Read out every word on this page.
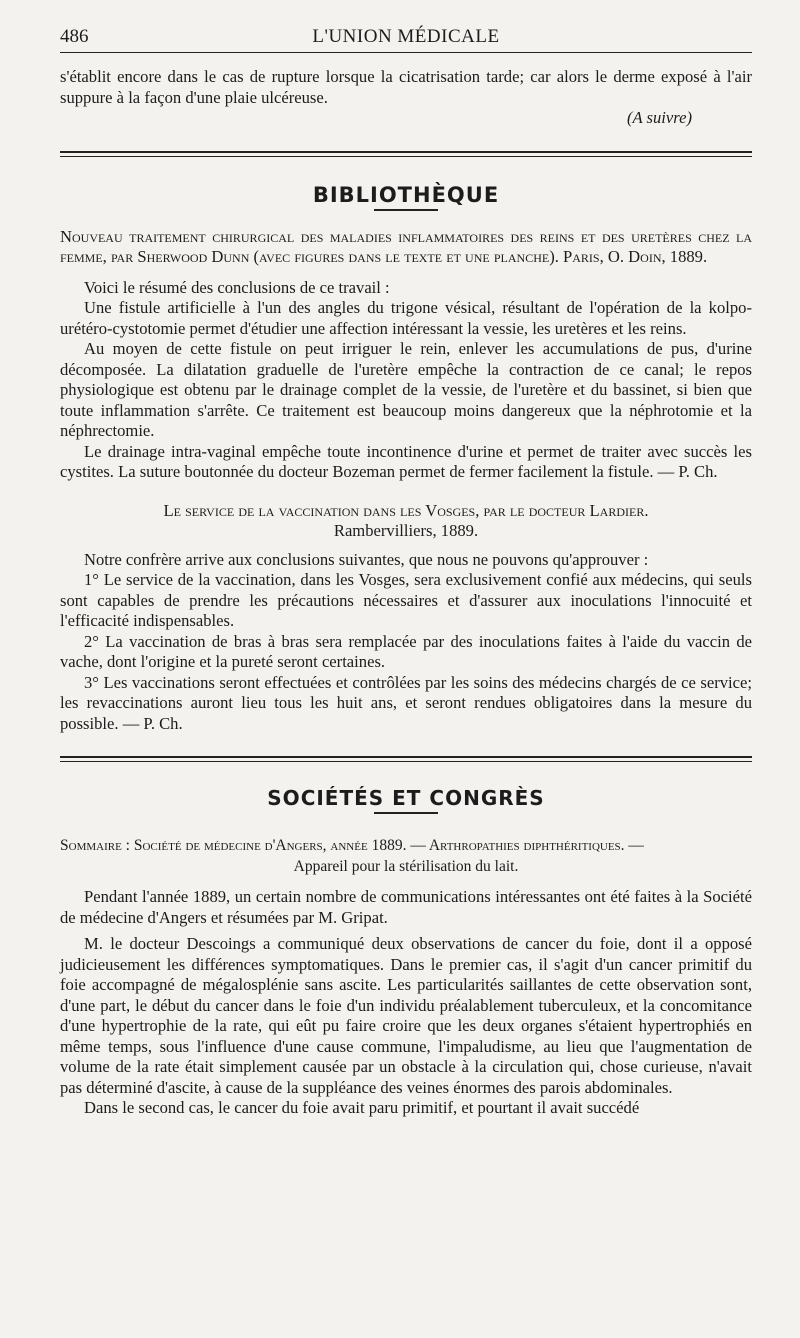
486	L'UNION MÉDICALE

s'établit encore dans le cas de rupture lorsque la cicatrisation tarde; car alors le derme exposé à l'air suppure à la façon d'une plaie ulcéreuse.

(A suivre)

BIBLIOTHÈQUE

Nouveau traitement chirurgical des maladies inflammatoires des reins et des uretères chez la femme, par Sherwood Dunn (avec figures dans le texte et une planche). Paris, O. Doin, 1889.

Voici le résumé des conclusions de ce travail :

Une fistule artificielle à l'un des angles du trigone vésical, résultant de l'opération de la kolpo-urétéro-cystotomie permet d'étudier une affection intéressant la vessie, les uretères et les reins.

Au moyen de cette fistule on peut irriguer le rein, enlever les accumulations de pus, d'urine décomposée. La dilatation graduelle de l'uretère empêche la contraction de ce canal; le repos physiologique est obtenu par le drainage complet de la vessie, de l'uretère et du bassinet, si bien que toute inflammation s'arrête. Ce traitement est beaucoup moins dangereux que la néphrotomie et la néphrectomie.

Le drainage intra-vaginal empêche toute incontinence d'urine et permet de traiter avec succès les cystites. La suture boutonnée du docteur Bozeman permet de fermer facilement la fistule. — P. Ch.

Le service de la vaccination dans les Vosges, par le docteur Lardier.

Rambervilliers, 1889.

Notre confrère arrive aux conclusions suivantes, que nous ne pouvons qu'approuver :

1° Le service de la vaccination, dans les Vosges, sera exclusivement confié aux médecins, qui seuls sont capables de prendre les précautions nécessaires et d'assurer aux inoculations l'innocuité et l'efficacité indispensables.

2° La vaccination de bras à bras sera remplacée par des inoculations faites à l'aide du vaccin de vache, dont l'origine et la pureté seront certaines.

3° Les vaccinations seront effectuées et contrôlées par les soins des médecins chargés de ce service; les revaccinations auront lieu tous les huit ans, et seront rendues obligatoires dans la mesure du possible. — P. Ch.

SOCIÉTÉS ET CONGRÈS

Sommaire : Société de médecine d'Angers, année 1889. — Arthropathies diphthéritiques. —

Appareil pour la stérilisation du lait.

Pendant l'année 1889, un certain nombre de communications intéressantes ont été faites à la Société de médecine d'Angers et résumées par M. Gripat.

M. le docteur Descoings a communiqué deux observations de cancer du foie, dont il a opposé judicieusement les différences symptomatiques. Dans le premier cas, il s'agit d'un cancer primitif du foie accompagné de mégalosplénie sans ascite. Les particularités saillantes de cette observation sont, d'une part, le début du cancer dans le foie d'un individu préalablement tuberculeux, et la concomitance d'une hypertrophie de la rate, qui eût pu faire croire que les deux organes s'étaient hypertrophiés en même temps, sous l'influence d'une cause commune, l'impaludisme, au lieu que l'augmentation de volume de la rate était simplement causée par un obstacle à la circulation qui, chose curieuse, n'avait pas déterminé d'ascite, à cause de la suppléance des veines énormes des parois abdominales.

Dans le second cas, le cancer du foie avait paru primitif, et pourtant il avait succédé
